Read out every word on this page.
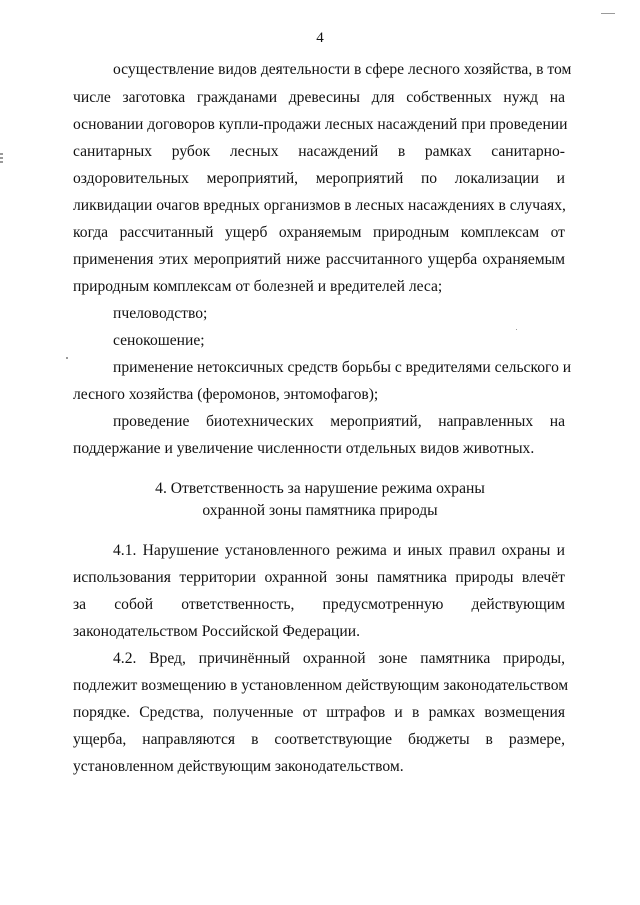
4
осуществление видов деятельности в сфере лесного хозяйства, в том
числе заготовка гражданами древесины для собственных нужд на
основании договоров купли-продажи лесных насаждений при проведении
санитарных рубок лесных насаждений в рамках санитарно-
оздоровительных мероприятий, мероприятий по локализации и
ликвидации очагов вредных организмов в лесных насаждениях в случаях,
когда рассчитанный ущерб охраняемым природным комплексам от
применения этих мероприятий ниже рассчитанного ущерба охраняемым
природным комплексам от болезней и вредителей леса;
пчеловодство;
сенокошение;
применение нетоксичных средств борьбы с вредителями сельского и
лесного хозяйства (феромонов, энтомофагов);
проведение биотехнических мероприятий, направленных на
поддержание и увеличение численности отдельных видов животных.
4. Ответственность за нарушение режима охраны
охранной зоны памятника природы
4.1. Нарушение установленного режима и иных правил охраны и
использования территории охранной зоны памятника природы влечёт
за собой ответственность, предусмотренную действующим
законодательством Российской Федерации.
4.2. Вред, причинённый охранной зоне памятника природы,
подлежит возмещению в установленном действующим законодательством
порядке. Средства, полученные от штрафов и в рамках возмещения
ущерба, направляются в соответствующие бюджеты в размере,
установленном действующим законодательством.
